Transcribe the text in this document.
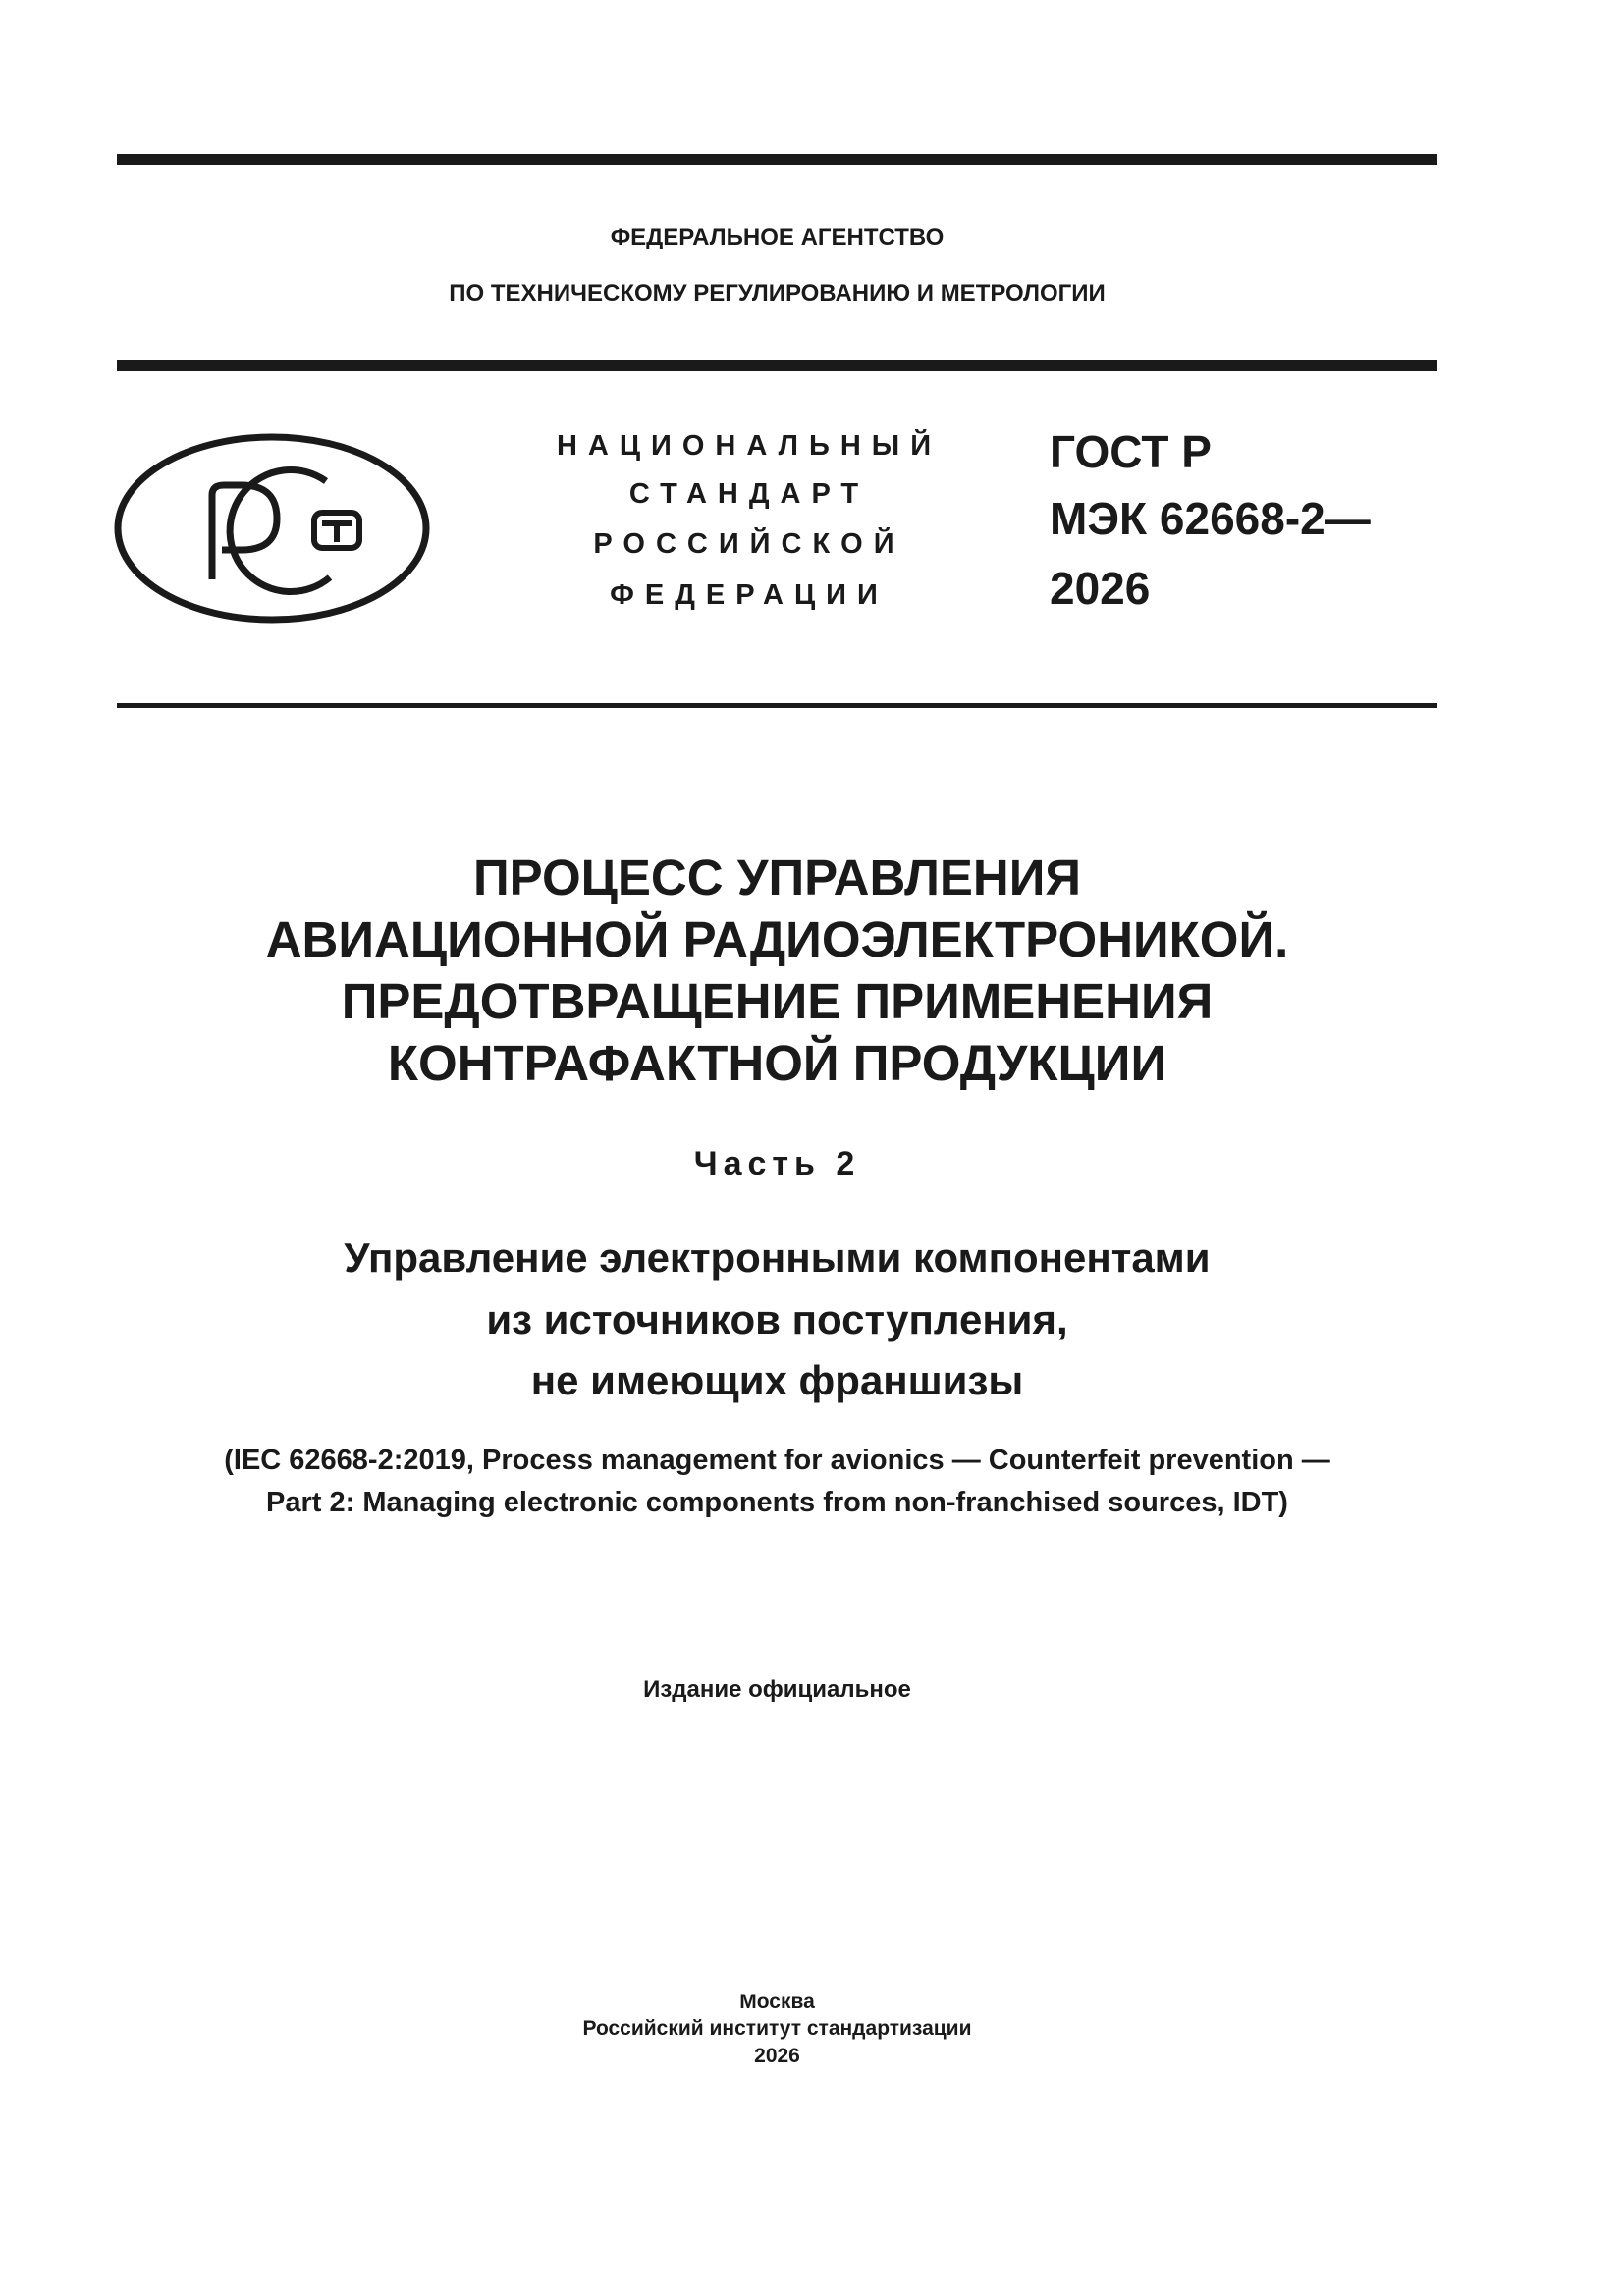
ФЕДЕРАЛЬНОЕ АГЕНТСТВО
ПО ТЕХНИЧЕСКОМУ РЕГУЛИРОВАНИЮ И МЕТРОЛОГИИ
НАЦИОНАЛЬНЫЙ
СТАНДАРТ
РОССИЙСКОЙ
ФЕДЕРАЦИИ
ГОСТ Р
МЭК 62668-2—
2026
ПРОЦЕСС УПРАВЛЕНИЯ
АВИАЦИОННОЙ РАДИОЭЛЕКТРОНИКОЙ.
ПРЕДОТВРАЩЕНИЕ ПРИМЕНЕНИЯ
КОНТРАФАКТНОЙ ПРОДУКЦИИ
Часть 2
Управление электронными компонентами
из источников поступления,
не имеющих франшизы
(IEC 62668-2:2019, Process management for avionics — Counterfeit prevention —
Part 2: Managing electronic components from non-franchised sources, IDT)
Издание официальное
Москва
Российский институт стандартизации
2026
